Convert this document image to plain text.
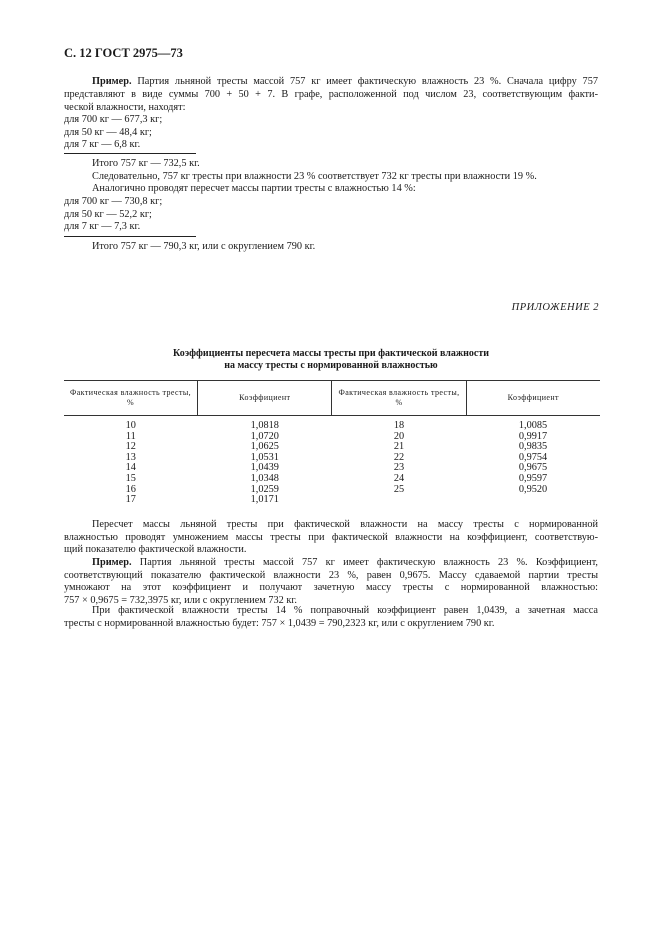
С. 12 ГОСТ 2975—73
Пример. Партия льняной тресты массой 757 кг имеет фактическую влажность 23 %. Сначала цифру 757
представляют в виде суммы 700 + 50 + 7. В графе, расположенной под числом 23, соответствующим факти-
ческой влажности, находят:
для 700 кг — 677,3 кг;
для 50 кг — 48,4 кг;
для 7 кг — 6,8 кг.
Итого 757 кг — 732,5 кг.
Следовательно, 757 кг тресты при влажности 23 % соответствует 732 кг тресты при влажности 19 %.
Аналогично проводят пересчет массы партии тресты с влажностью 14 %:
для 700 кг — 730,8 кг;
для 50 кг — 52,2 кг;
для 7 кг — 7,3 кг.
Итого 757 кг — 790,3 кг, или с округлением 790 кг.
ПРИЛОЖЕНИЕ 2
Коэффициенты пересчета массы тресты при фактической влажности
на массу тресты с нормированной влажностью
Фактическая влажность тресты, %	Коэффициент	Фактическая влажность тресты, %	Коэффициент
10	1,0818	18	1,0085
11	1,0720	20	0,9917
12	1,0625	21	0,9835
13	1,0531	22	0,9754
14	1,0439	23	0,9675
15	1,0348	24	0,9597
16	1,0259	25	0,9520
17	1,0171		
Пересчет массы льняной тресты при фактической влажности на массу тресты с нормированной
влажностью проводят умножением массы тресты при фактической влажности на коэффициент, соответствую-
щий показателю фактической влажности.
Пример. Партия льняной тресты массой 757 кг имеет фактическую влажность 23 %. Коэффициент,
соответствующий показателю фактической влажности 23 %, равен 0,9675. Массу сдаваемой партии тресты
умножают на этот коэффициент и получают зачетную массу тресты с нормированной влажностью:
757 × 0,9675 = 732,3975 кг, или с округлением 732 кг.
При фактической влажности тресты 14 % поправочный коэффициент равен 1,0439, а зачетная масса
тресты с нормированной влажностью будет: 757 × 1,0439 = 790,2323 кг, или с округлением 790 кг.
